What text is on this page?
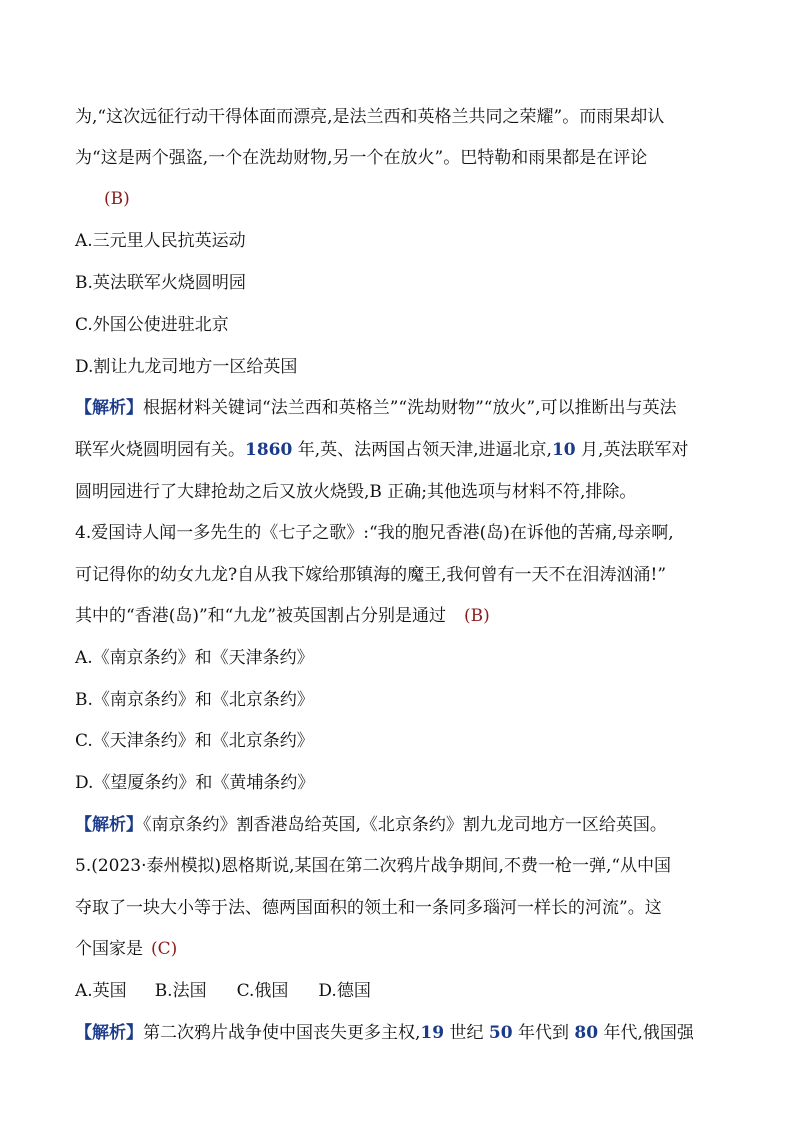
为,“这次远征行动干得体面而漂亮,是法兰西和英格兰共同之荣耀”。而雨果却认
为“这是两个强盗,一个在洗劫财物,另一个在放火”。巴特勒和雨果都是在评论
(B)
A.三元里人民抗英运动
B.英法联军火烧圆明园
C.外国公使进驻北京
D.割让九龙司地方一区给英国
【解析】根据材料关键词“法兰西和英格兰”“洗劫财物”“放火”,可以推断出与英法
联军火烧圆明园有关。1860 年,英、法两国占领天津,进逼北京,10 月,英法联军对
圆明园进行了大肆抢劫之后又放火烧毁,B 正确;其他选项与材料不符,排除。
4.爱国诗人闻一多先生的《七子之歌》:“我的胞兄香港(岛)在诉他的苦痛,母亲啊,
可记得你的幼女九龙?自从我下嫁给那镇海的魔王,我何曾有一天不在泪涛汹涌!”
其中的“香港(岛)”和“九龙”被英国割占分别是通过 (B)
A.《南京条约》和《天津条约》
B.《南京条约》和《北京条约》
C.《天津条约》和《北京条约》
D.《望厦条约》和《黄埔条约》
【解析】《南京条约》割香港岛给英国,《北京条约》割九龙司地方一区给英国。
5.(2023·泰州模拟)恩格斯说,某国在第二次鸦片战争期间,不费一枪一弹,“从中国
夺取了一块大小等于法、德两国面积的领土和一条同多瑙河一样长的河流”。这
个国家是 (C)
A.英国 B.法国 C.俄国 D.德国
【解析】第二次鸦片战争使中国丧失更多主权,19 世纪 50 年代到 80 年代,俄国强
